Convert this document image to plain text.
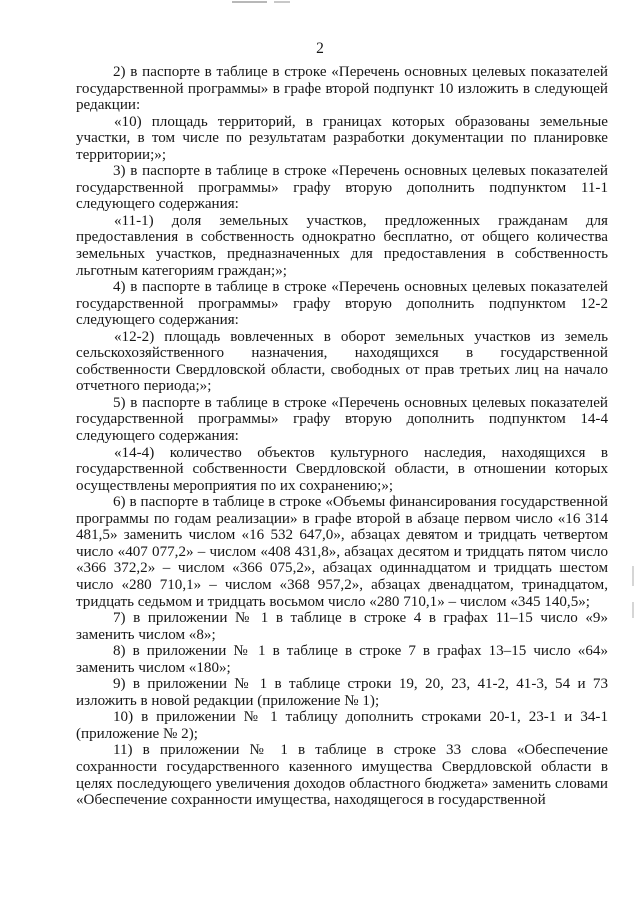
2

2) в паспорте в таблице в строке «Перечень основных целевых показателей государственной программы» в графе второй подпункт 10 изложить в следующей редакции:

«10) площадь территорий, в границах которых образованы земельные участки, в том числе по результатам разработки документации по планировке территории;»;

3) в паспорте в таблице в строке «Перечень основных целевых показателей государственной программы» графу вторую дополнить подпунктом 11-1 следующего содержания:

«11-1) доля земельных участков, предложенных гражданам для предоставления в собственность однократно бесплатно, от общего количества земельных участков, предназначенных для предоставления в собственность льготным категориям граждан;»;

4) в паспорте в таблице в строке «Перечень основных целевых показателей государственной программы» графу вторую дополнить подпунктом 12-2 следующего содержания:

«12-2) площадь вовлеченных в оборот земельных участков из земель сельскохозяйственного назначения, находящихся в государственной собственности Свердловской области, свободных от прав третьих лиц на начало отчетного периода;»;

5) в паспорте в таблице в строке «Перечень основных целевых показателей государственной программы» графу вторую дополнить подпунктом 14-4 следующего содержания:

«14-4) количество объектов культурного наследия, находящихся в государственной собственности Свердловской области, в отношении которых осуществлены мероприятия по их сохранению;»;

6) в паспорте в таблице в строке «Объемы финансирования государственной программы по годам реализации» в графе второй в абзаце первом число «16 314 481,5» заменить числом «16 532 647,0», абзацах девятом и тридцать четвертом число «407 077,2» – числом «408 431,8», абзацах десятом и тридцать пятом число «366 372,2» – числом «366 075,2», абзацах одиннадцатом и тридцать шестом число «280 710,1» – числом «368 957,2», абзацах двенадцатом, тринадцатом, тридцать седьмом и тридцать восьмом число «280 710,1» – числом «345 140,5»;

7) в приложении № 1 в таблице в строке 4 в графах 11–15 число «9» заменить числом «8»;

8) в приложении № 1 в таблице в строке 7 в графах 13–15 число «64» заменить числом «180»;

9) в приложении № 1 в таблице строки 19, 20, 23, 41-2, 41-3, 54 и 73 изложить в новой редакции (приложение № 1);

10) в приложении № 1 таблицу дополнить строками 20-1, 23-1 и 34-1 (приложение № 2);

11) в приложении № 1 в таблице в строке 33 слова «Обеспечение сохранности государственного казенного имущества Свердловской области в целях последующего увеличения доходов областного бюджета» заменить словами «Обеспечение сохранности имущества, находящегося в государственной
